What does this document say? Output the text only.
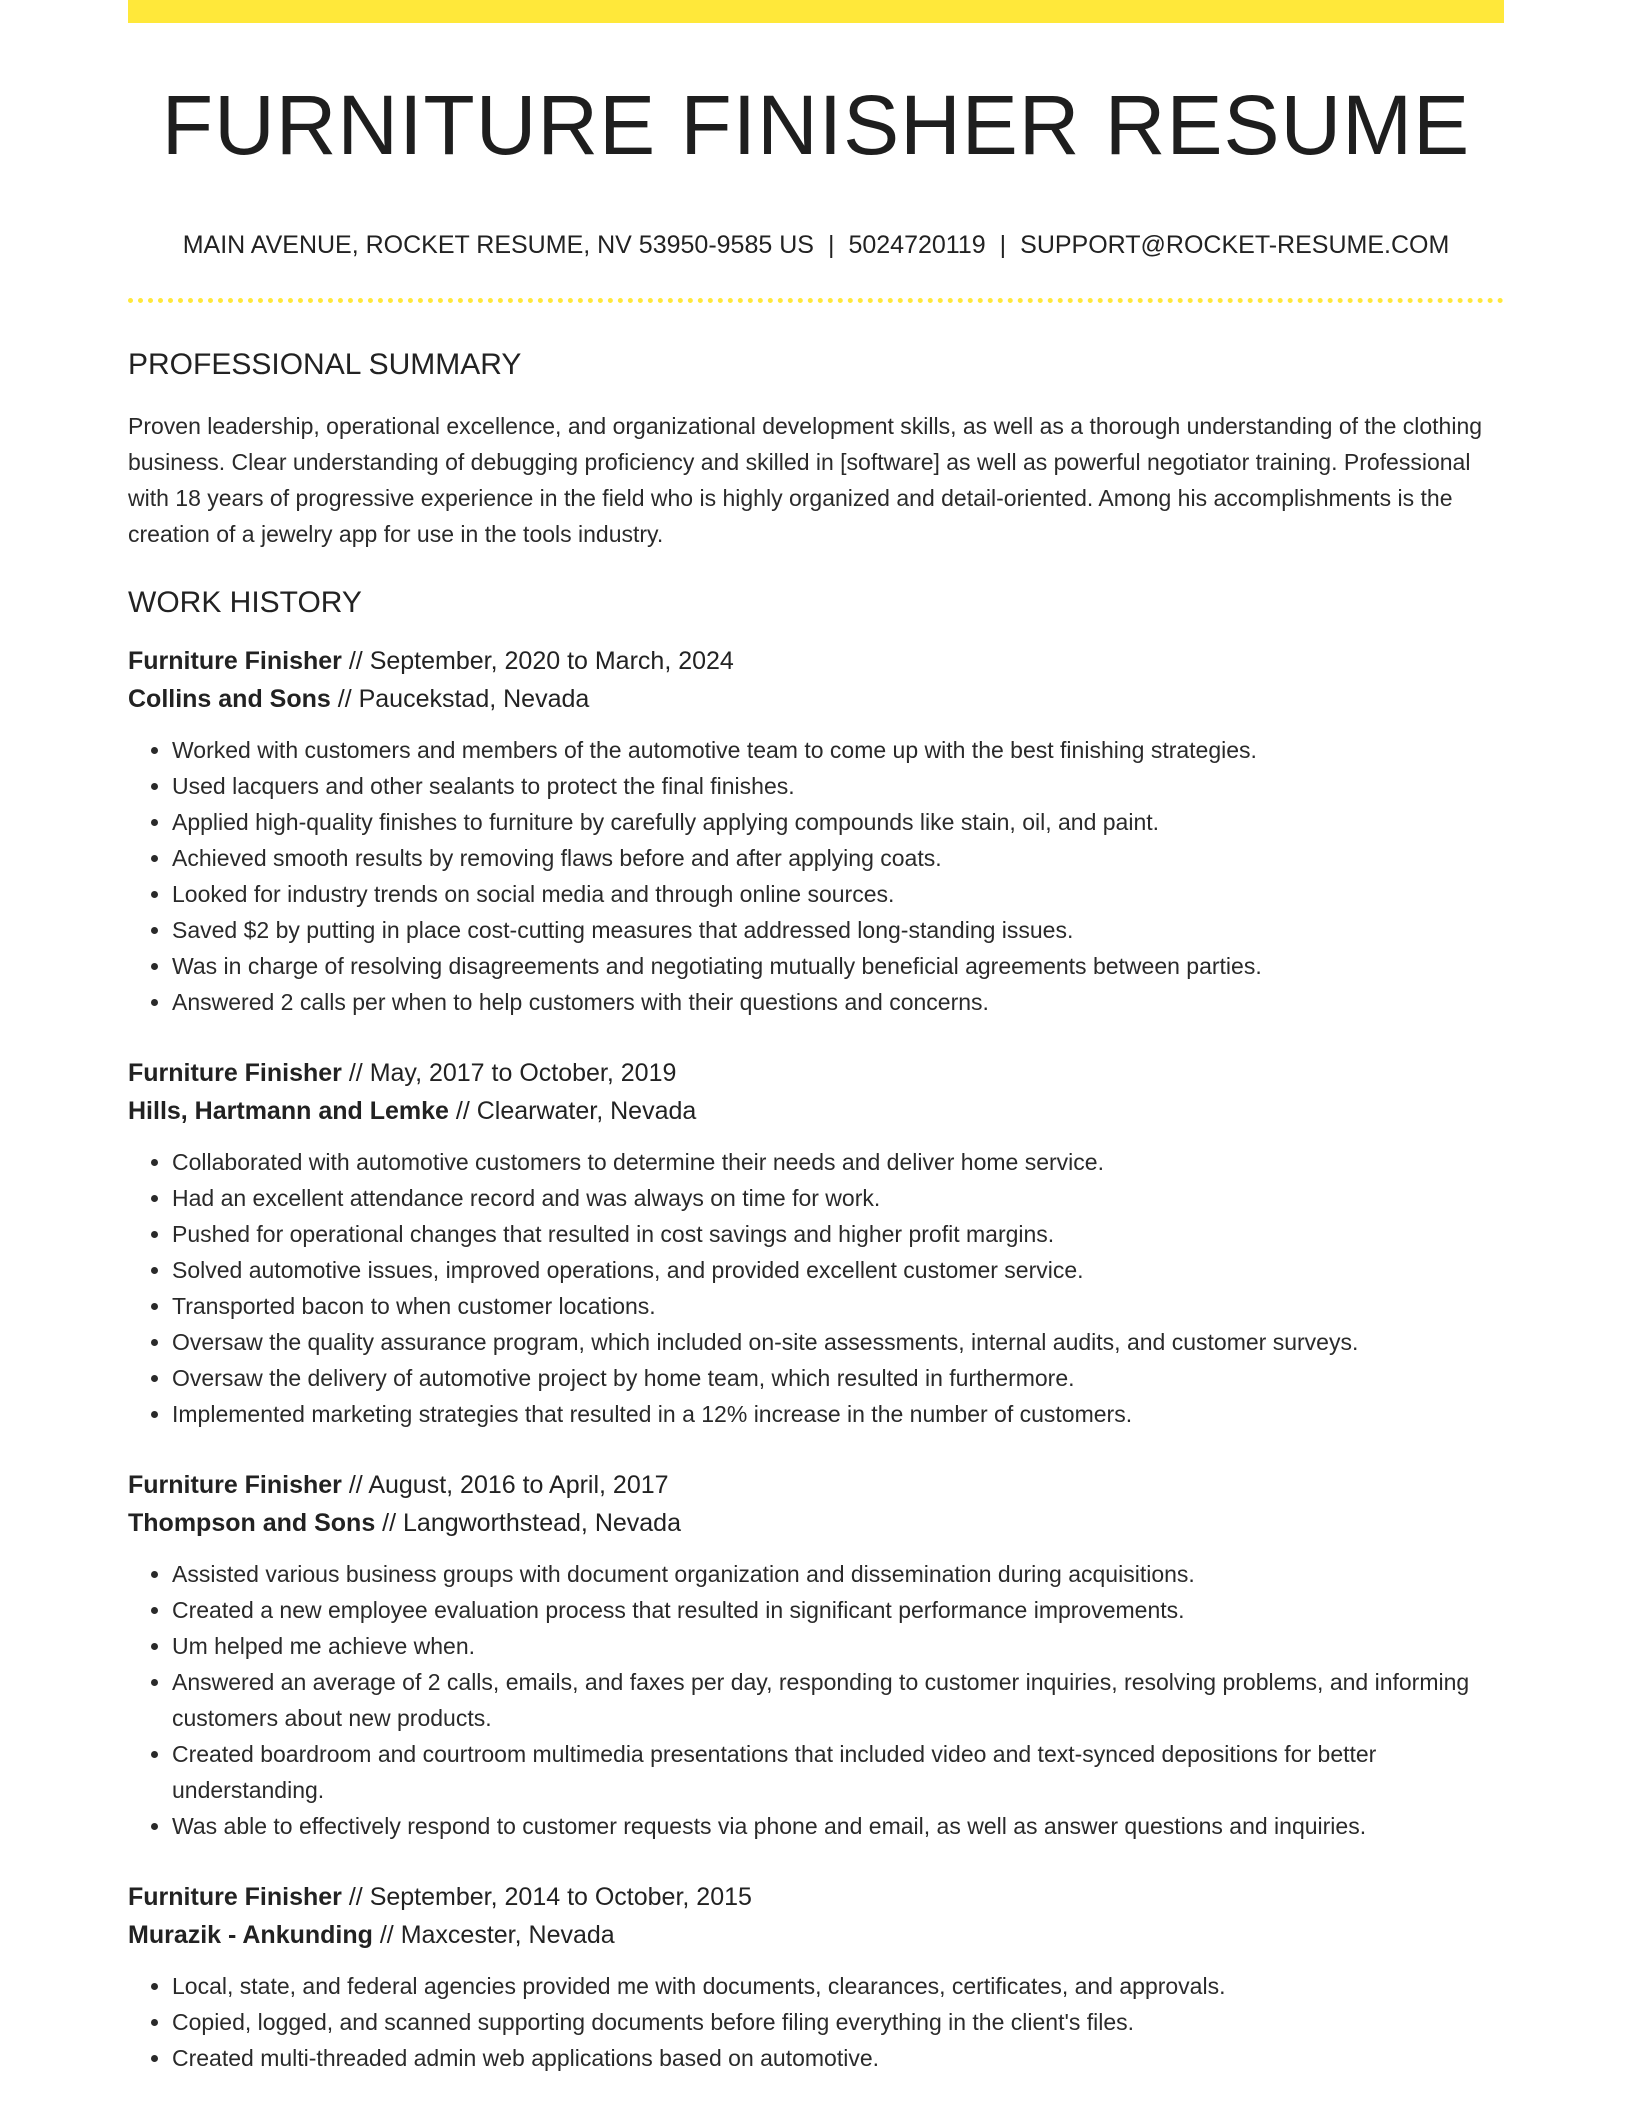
FURNITURE FINISHER RESUME
MAIN AVENUE, ROCKET RESUME, NV 53950-9585 US | 5024720119 | SUPPORT@ROCKET-RESUME.COM
PROFESSIONAL SUMMARY

Proven leadership, operational excellence, and organizational development skills, as well as a thorough understanding of the clothing business. Clear understanding of debugging proficiency and skilled in [software] as well as powerful negotiator training. Professional with 18 years of progressive experience in the field who is highly organized and detail-oriented. Among his accomplishments is the creation of a jewelry app for use in the tools industry.

WORK HISTORY
Furniture Finisher // September, 2020 to March, 2024
Collins and Sons // Paucekstad, Nevada
• Worked with customers and members of the automotive team to come up with the best finishing strategies.
• Used lacquers and other sealants to protect the final finishes.
• Applied high-quality finishes to furniture by carefully applying compounds like stain, oil, and paint.
• Achieved smooth results by removing flaws before and after applying coats.
• Looked for industry trends on social media and through online sources.
• Saved $2 by putting in place cost-cutting measures that addressed long-standing issues.
• Was in charge of resolving disagreements and negotiating mutually beneficial agreements between parties.
• Answered 2 calls per when to help customers with their questions and concerns.
Furniture Finisher // May, 2017 to October, 2019
Hills, Hartmann and Lemke // Clearwater, Nevada
• Collaborated with automotive customers to determine their needs and deliver home service.
• Had an excellent attendance record and was always on time for work.
• Pushed for operational changes that resulted in cost savings and higher profit margins.
• Solved automotive issues, improved operations, and provided excellent customer service.
• Transported bacon to when customer locations.
• Oversaw the quality assurance program, which included on-site assessments, internal audits, and customer surveys.
• Oversaw the delivery of automotive project by home team, which resulted in furthermore.
• Implemented marketing strategies that resulted in a 12% increase in the number of customers.
Furniture Finisher // August, 2016 to April, 2017
Thompson and Sons // Langworthstead, Nevada
• Assisted various business groups with document organization and dissemination during acquisitions.
• Created a new employee evaluation process that resulted in significant performance improvements.
• Um helped me achieve when.
• Answered an average of 2 calls, emails, and faxes per day, responding to customer inquiries, resolving problems, and informing customers about new products.
• Created boardroom and courtroom multimedia presentations that included video and text-synced depositions for better understanding.
• Was able to effectively respond to customer requests via phone and email, as well as answer questions and inquiries.
Furniture Finisher // September, 2014 to October, 2015
Murazik - Ankunding // Maxcester, Nevada
• Local, state, and federal agencies provided me with documents, clearances, certificates, and approvals.
• Copied, logged, and scanned supporting documents before filing everything in the client's files.
• Created multi-threaded admin web applications based on automotive.
